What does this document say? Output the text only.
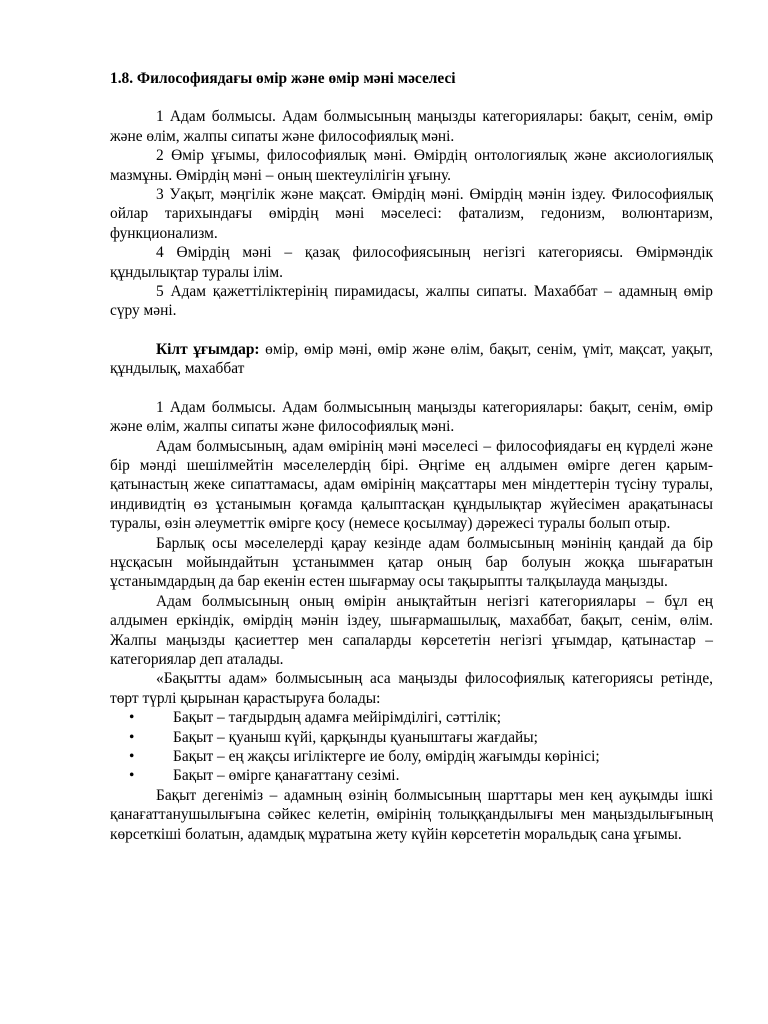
1.8. Философиядағы өмір және өмір мәні мәселесі

1 Адам болмысы. Адам болмысының маңызды категориялары: бақыт, сенім, өмір және өлім, жалпы сипаты және философиялық мәні.

2 Өмір ұғымы, философиялық мәні. Өмірдің онтологиялық және аксиологиялық мазмұны. Өмірдің мәні – оның шектеулілігін ұғыну.

3 Уақыт, мәңгілік және мақсат. Өмірдің мәні. Өмірдің мәнін іздеу. Философиялық ойлар тарихындағы өмірдің мәні мәселесі: фатализм, гедонизм, волюнтаризм, функционализм.

4 Өмірдің мәні – қазақ философиясының негізгі категориясы. Өмірмәндік құндылықтар туралы ілім.

5 Адам қажеттіліктерінің пирамидасы, жалпы сипаты. Махаббат – адамның өмір сүру мәні.

Кілт ұғымдар: өмір, өмір мәні, өмір және өлім, бақыт, сенім, үміт, мақсат, уақыт, құндылық, махаббат

1 Адам болмысы. Адам болмысының маңызды категориялары: бақыт, сенім, өмір және өлім, жалпы сипаты және философиялық мәні.

Адам болмысының, адам өмірінің мәні мәселесі – философиядағы ең күрделі және бір мәнді шешілмейтін мәселелердің бірі. Әңгіме ең алдымен өмірге деген қарым-қатынастың жеке сипаттамасы, адам өмірінің мақсаттары мен міндеттерін түсіну туралы, индивидтің өз ұстанымын қоғамда қалыптасқан құндылықтар жүйесімен арақатынасы туралы, өзін әлеуметтік өмірге қосу (немесе қосылмау) дәрежесі туралы болып отыр.

Барлық осы мәселелерді қарау кезінде адам болмысының мәнінің қандай да бір нұсқасын мойындайтын ұстаныммен қатар оның бар болуын жоққа шығаратын ұстанымдардың да бар екенін естен шығармау осы тақырыпты талқылауда маңызды.

Адам болмысының оның өмірін анықтайтын негізгі категориялары – бұл ең алдымен еркіндік, өмірдің мәнін іздеу, шығармашылық, махаббат, бақыт, сенім, өлім. Жалпы маңызды қасиеттер мен сапаларды көрсететін негізгі ұғымдар, қатынастар – категориялар деп аталады.

«Бақытты адам» болмысының аса маңызды философиялық категориясы ретінде, төрт түрлі қырынан қарастыруға болады:

•	Бақыт – тағдырдың адамға мейірімділігі, сәттілік;
•	Бақыт – қуаныш күйі, қарқынды қуаныштағы жағдайы;
•	Бақыт – ең жақсы игіліктерге ие болу, өмірдің жағымды көрінісі;
•	Бақыт – өмірге қанағаттану сезімі.

Бақыт дегеніміз – адамның өзінің болмысының шарттары мен кең ауқымды ішкі қанағаттанушылығына сәйкес келетін, өмірінің толыққандылығы мен маңыздылығының көрсеткіші болатын, адамдық мұратына жету күйін көрсететін моральдық сана ұғымы.
